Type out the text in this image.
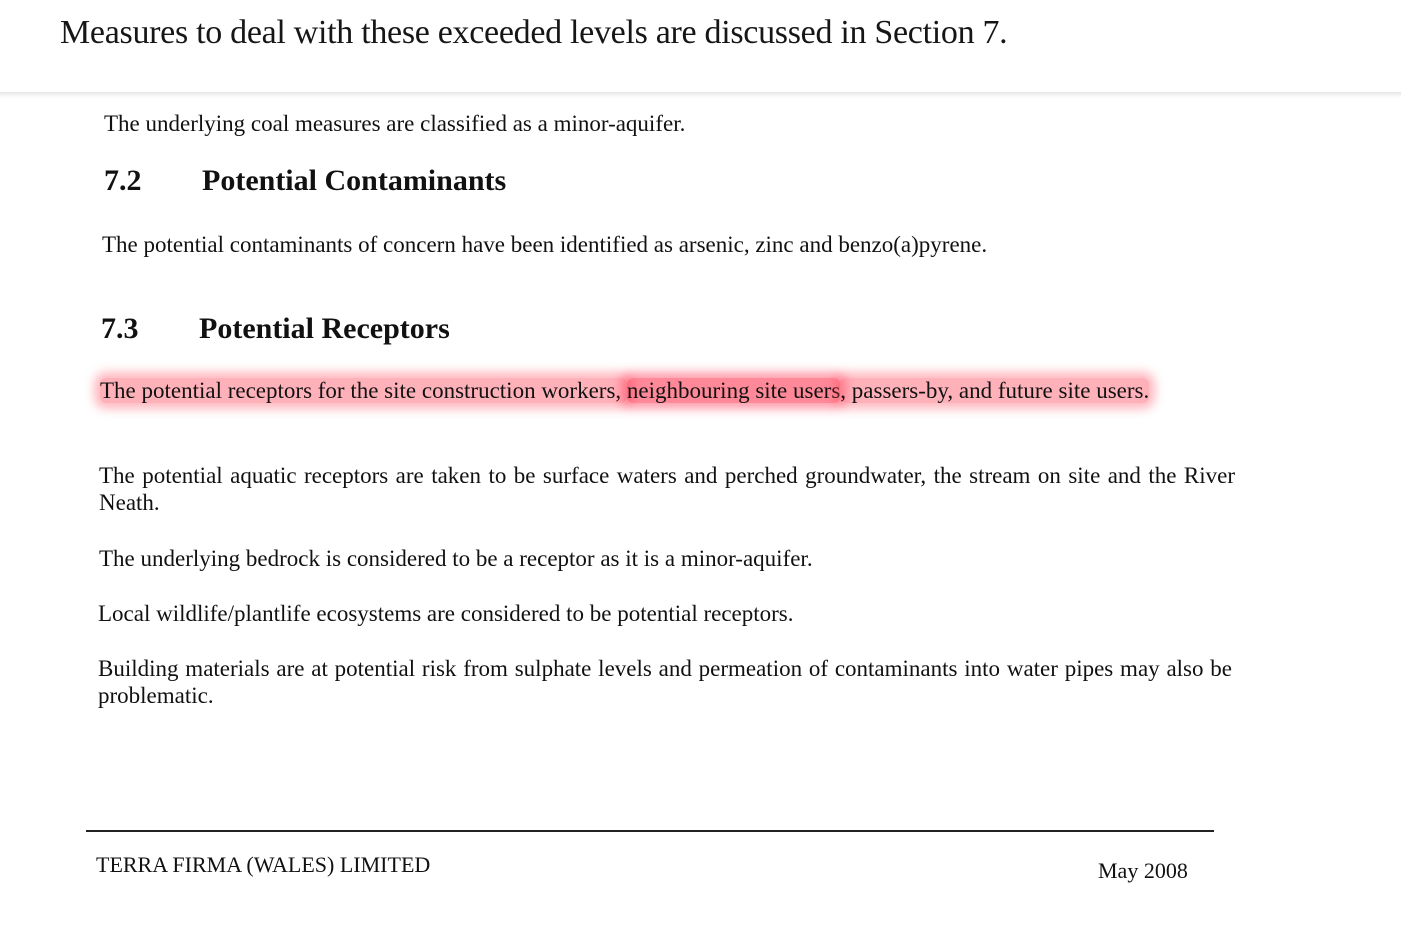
Measures to deal with these exceeded levels are discussed in Section 7.

The underlying coal measures are classified as a minor-aquifer.

7.2 Potential Contaminants

The potential contaminants of concern have been identified as arsenic, zinc and benzo(a)pyrene.

7.3 Potential Receptors

The potential receptors for the site construction workers, neighbouring site users, passers-by, and future site users.

The potential aquatic receptors are taken to be surface waters and perched groundwater, the stream on site and the River Neath.

The underlying bedrock is considered to be a receptor as it is a minor-aquifer.

Local wildlife/plantlife ecosystems are considered to be potential receptors.

Building materials are at potential risk from sulphate levels and permeation of contaminants into water pipes may also be problematic.

TERRA FIRMA (WALES) LIMITED	May 2008
